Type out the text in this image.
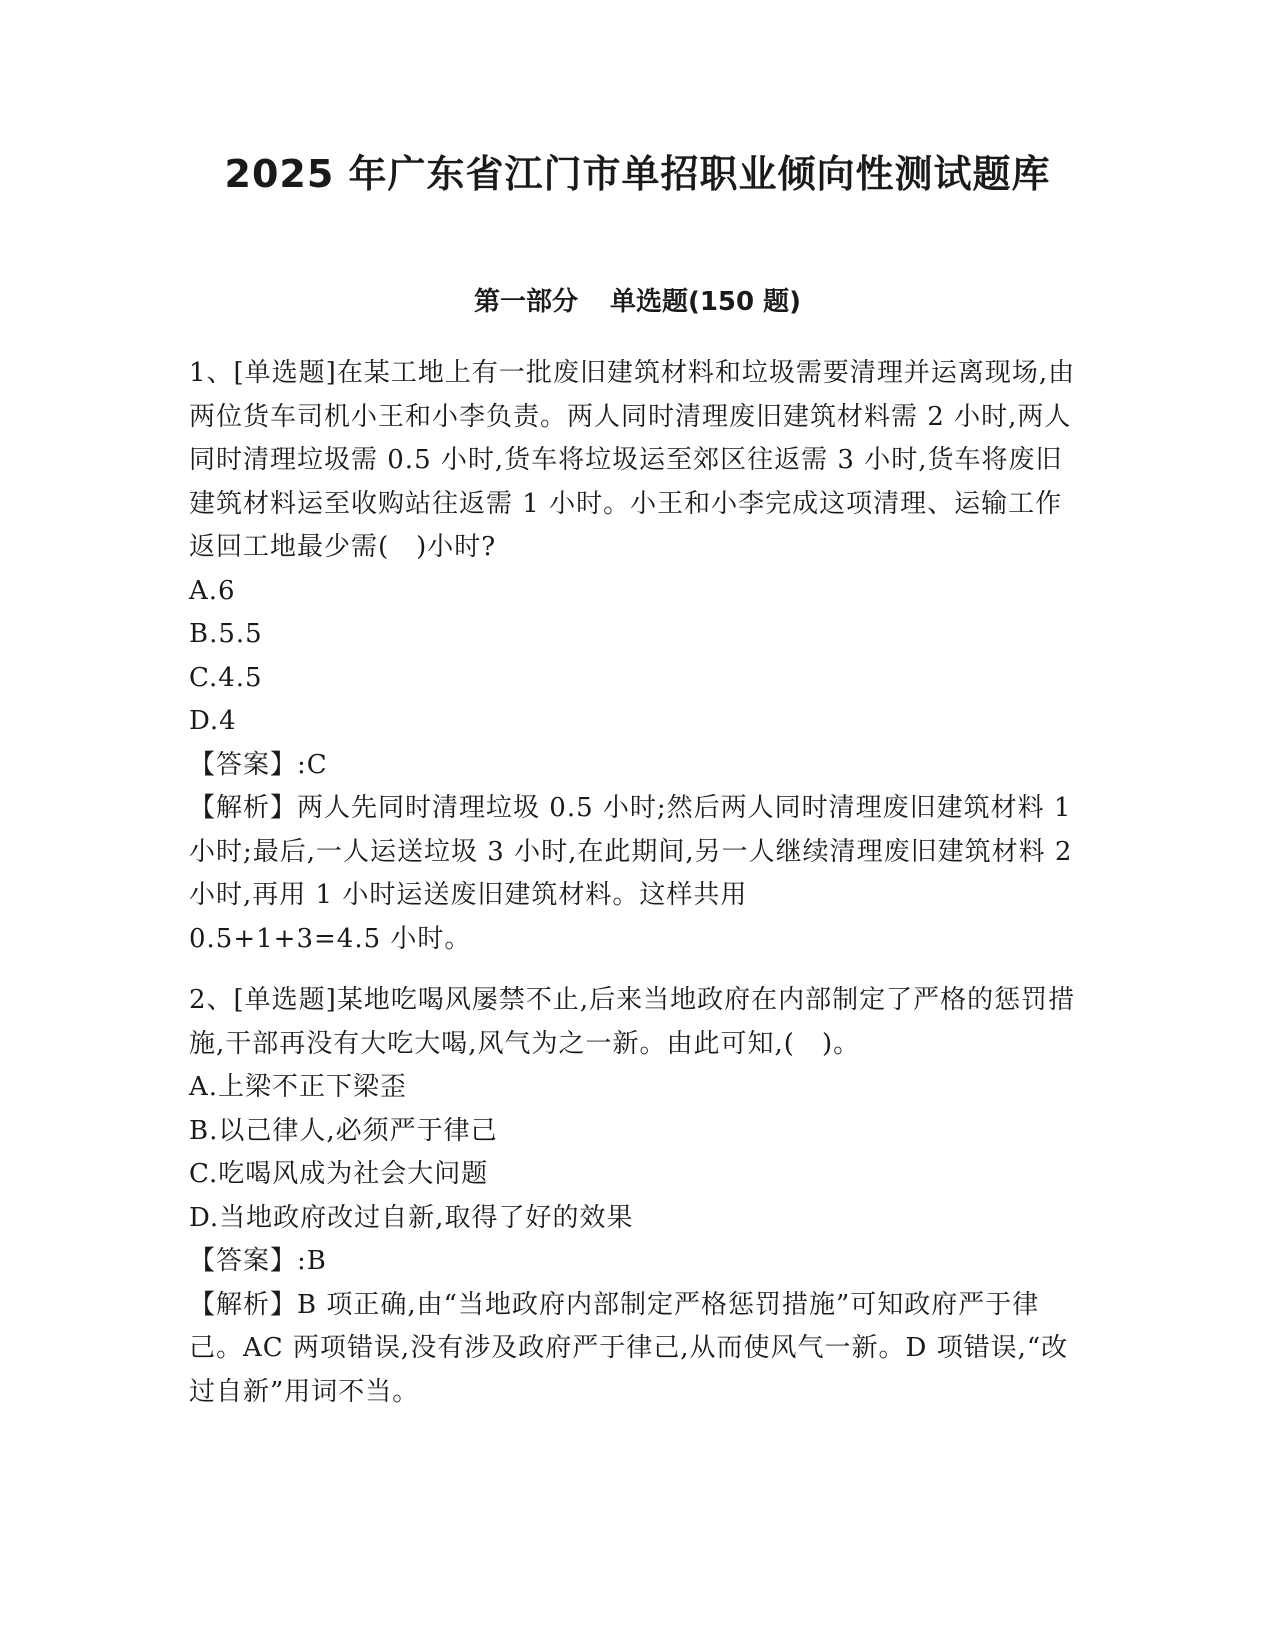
2025 年广东省江门市单招职业倾向性测试题库
第一部分 单选题(150 题)
1、[单选题]在某工地上有一批废旧建筑材料和垃圾需要清理并运离现场,由两位货车司机小王和小李负责。两人同时清理废旧建筑材料需 2 小时,两人同时清理垃圾需 0.5 小时,货车将垃圾运至郊区往返需 3 小时,货车将废旧建筑材料运至收购站往返需 1 小时。小王和小李完成这项清理、运输工作返回工地最少需(　)小时?
A.6
B.5.5
C.4.5
D.4
【答案】:C
【解析】两人先同时清理垃圾 0.5 小时;然后两人同时清理废旧建筑材料 1 小时;最后,一人运送垃圾 3 小时,在此期间,另一人继续清理废旧建筑材料 2 小时,再用 1 小时运送废旧建筑材料。这样共用
0.5+1+3=4.5 小时。
2、[单选题]某地吃喝风屡禁不止,后来当地政府在内部制定了严格的惩罚措施,干部再没有大吃大喝,风气为之一新。由此可知,(　)。
A.上梁不正下梁歪
B.以己律人,必须严于律己
C.吃喝风成为社会大问题
D.当地政府改过自新,取得了好的效果
【答案】:B
【解析】B 项正确,由“当地政府内部制定严格惩罚措施”可知政府严于律己。AC 两项错误,没有涉及政府严于律己,从而使风气一新。D 项错误,“改过自新”用词不当。
